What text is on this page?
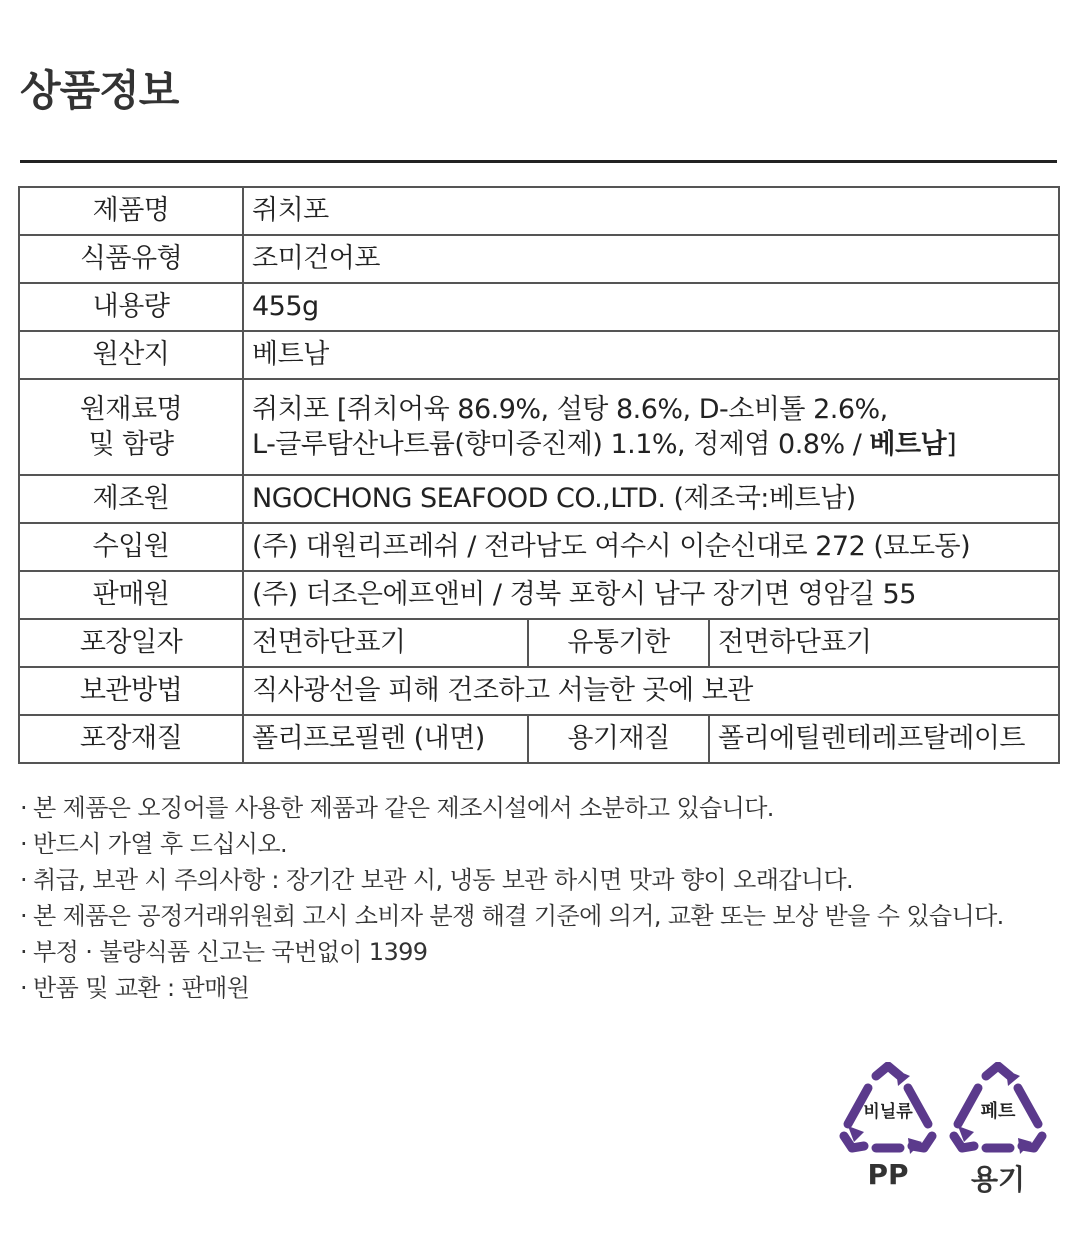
상품정보
제품명	쥐치포		
식품유형	조미건어포		
내용량	455g		
원산지	베트남		

원재료명
및 함량	쥐치포 [쥐치어육 86.9%, 설탕 8.6%, D-소비톨 2.6%,
L-글루탐산나트륨(향미증진제) 1.1%, 정제염 0.8% / 베트남]		

제조원	NGOCHONG SEAFOOD CO.,LTD. (제조국:베트남)		
수입원	(주) 대원리프레쉬 / 전라남도 여수시 이순신대로 272 (묘도동)		
판매원	(주) 더조은에프앤비 / 경북 포항시 남구 장기면 영암길 55		
포장일자	전면하단표기	유통기한	전면하단표기
보관방법	직사광선을 피해 건조하고 서늘한 곳에 보관		
포장재질	폴리프로필렌 (내면)	용기재질	폴리에틸렌테레프탈레이트
· 본 제품은 오징어를 사용한 제품과 같은 제조시설에서 소분하고 있습니다.
· 반드시 가열 후 드십시오.
· 취급, 보관 시 주의사항 : 장기간 보관 시, 냉동 보관 하시면 맛과 향이 오래갑니다.
· 본 제품은 공정거래위원회 고시 소비자 분쟁 해결 기준에 의거, 교환 또는 보상 받을 수 있습니다.
· 부정 · 불량식품 신고는 국번없이 1399
· 반품 및 교환 : 판매원
비닐류
PP
페트
용기
